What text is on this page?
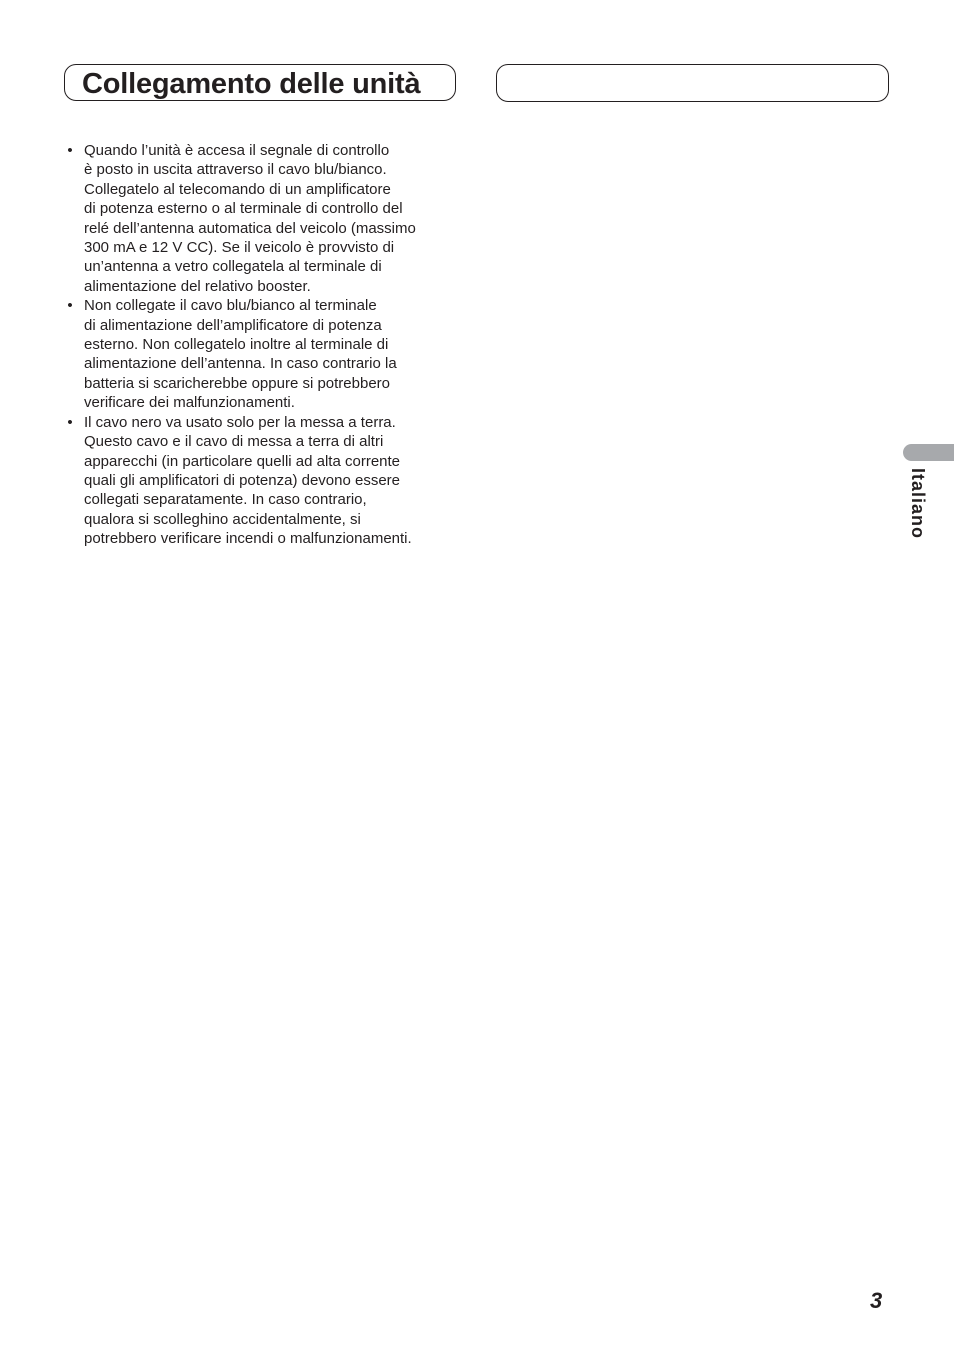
Collegamento delle unità
• Quando l’unità è accesa il segnale di controllo
è posto in uscita attraverso il cavo blu/bianco.
Collegatelo al telecomando di un amplificatore
di potenza esterno o al terminale di controllo del
relé dell’antenna automatica del veicolo (massimo
300 mA e 12 V CC). Se il veicolo è provvisto di
un’antenna a vetro collegatela al terminale di
alimentazione del relativo booster.
• Non collegate il cavo blu/bianco al terminale
di alimentazione dell’amplificatore di potenza
esterno. Non collegatelo inoltre al terminale di
alimentazione dell’antenna. In caso contrario la
batteria si scaricherebbe oppure si potrebbero
verificare dei malfunzionamenti.
• Il cavo nero va usato solo per la messa a terra.
Questo cavo e il cavo di messa a terra di altri
apparecchi (in particolare quelli ad alta corrente
quali gli amplificatori di potenza) devono essere
collegati separatamente. In caso contrario,
qualora si scolleghino accidentalmente, si
potrebbero verificare incendi o malfunzionamenti.	Italiano
3
